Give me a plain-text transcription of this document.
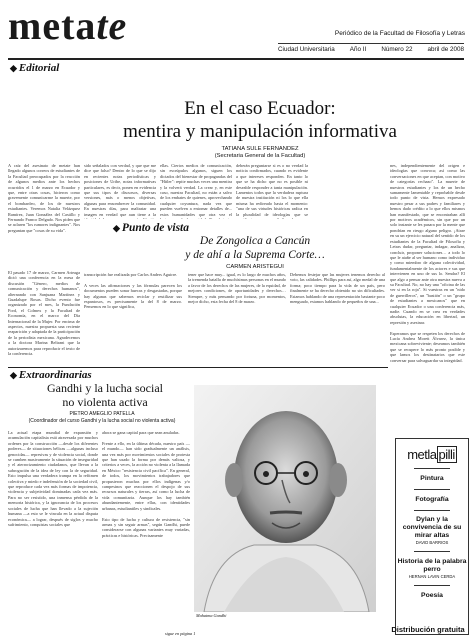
metate	Periódico de la Facultad de Filosofía y Letras
Ciudad Universitaria Año II Número 22 abril de 2008
◆ Editorial
En el caso Ecuador:
mentira y manipulación informativa
TATIANA SULE FERNANDEZ
(Secretaria General de la Facultad)

A raíz del asesinato de metate han llegado algunos correos de estudiantes de la Facultad preocupados por la reacción de algunos medios ante los hechos ocurridos el 1 de marzo en Ecuador y que, entre otras cosas, hicieron como gravemente comunicarme la muerte, por el bombardeo, de los de nuestros estudiantes. Veremos Natalia Velázquez Ramírez, Juan González del Castillo y Fernando Franco Delgado. Nos piden que se aclaren "los rumores indignantes". Nos preguntan que "cosas de su vida".

El pasado 17 de marzo, Carmen Arteaga dictó una conferencia en la mesa de discusión "Gènero, medios de comunicación y derechos humanos", alternando con Sanjuana Martínez y Guadalupe Rosas. Dicho evento fue organizado por el mes, la Fundación Ford, el Colmex y la Facultad de Economía, en el marco del Día Internacional de la Mujer. Por encima de aspectos, nuestra propuesta una reciente reaparición y adaptada de la participación de la periodista mexicana. Agradecemos a la doctora Marina Beltrani que la autorizaremos para reproducir el texto de la conferencia.

sido señalados con verdad, y que que me dice que falso? Dentro de lo que se dijo en recientes notas periodísticas y posiciones de Uribe, notas informativas particulares, es decir, ponen en evidencia que sus tipos de discursos, diversas versiones, más o menos objetivas, algunas para ensombrecer la comunidad. En nuestras días, para maltratar una imagen en verdad que aun tiene a la

ellas. Ciertos medios de comunicación, sin escrúpulos algunos, siguen los dictados del bienestar de propagandas del "Hitler": repite muchas veces una mentira y la volverá verdad. La crear y, en este caso, nuestra Facultad, no están a salvo de los embates de quienes, aprovechando cualquier coyuntura, nada vez que pueden vuelven a entornar detalles de... estos humanidades que otra vez el

deberán preguntarse si es o no verdad la noticia confirmados, cuando es evidente a que intereses responden. En tanto lo que se ha dicho que no es posible ni deseable responder a tanta manipulación. Lamentos todos que la verdadera ruptura de nuestra institución ni los lo que ella misma ha redireado hasta el momento: "una de sus virtudes históricas radica en la pluralidad de ideologías que se

nes, independientemente del origen e ideologías que convoca; así como las conversaciones en que aceptan, con motivo de categorías rechazo". La muerte de nuestros estudiantes y los de un hecho sumamente lamentable y reprobable desde todo punto de vista. Hemos expresado nuestro pesar a sus padres y familiares y hemos dado crédito a lo que ellos mismos han manifestado, que se encontraban allí por motivos académicos, sin que por un solo instante se les pasara por la mente que pondrían en riesgo alguno peligro. ¡Atrae en su un ejercicio natural del sentido de los estudiantes de la Facultad de Filosofía y Letras dudar, preguntar, indagar, analizar, concluir, proponer soluciones… a todo lo que le atañe al ser humano como individuo y como miembro de alguna colectividad, fundamentalmente de los actores e sus que intervienen en uno de sus lo. Sendas? El que algo a pensar ante otra nuestra nueva a su Facultad. No, no hay una "oficina de las ver si en la roja". Si vuestras en un "nido de guerrilleros", un "bastión" o un "grupo de estudiantes a mexicanos" que en cualquier Ecuador o una conferencia más, nadie. Cuando en se crea en verdades absolutas, la educación en libertad, un represión y asesinar.

Esperamos que se respeten los derechos de Lucía Andrea Morett Álvarez, la única mexicana sobreviviente; deseamos también que se recupere lo más pronto posible y que lamos los destinatarios que este conversar para salvaguardar su integridad.

◆ Punto de vista
De Zongolica a Cancún
y de ahí a la Suprema Corte…
CARMEN ARISTEGUI

transcripción fue realizada por Carlos Anders Aguirre.

A veces las afirmaciones y las fórmulas parecen los documentos pueden sonar huecas y desgastadas, porque hay algunas que sabemos reciclar y reutilizar sus espantosos, es precisamente la del 8 de marzo. Pensemos en lo que significa,

tener que hace muy... igual, es lo largo de muchos años, la tremenda batalla de muchísimas personas en el mundo a favor de los derechos de las mujeres, de la equidad, de mejores condiciones, de oportunidades y derechos… Siempre, y más pensando por fortuna, por momentos, mejor dicho, esta fecha del 8 de marzo.

Debemos festejar que las mujeres tenemos derecho al voto, las calidades. Phillips para así, algo medal de una forma; poco tiempo para la vida de un país, pero finalmente se ha derecho obtenido no sin dificultades. Estamos hablando de una representación bastante poco menguado, estamos hablando de pequeños de una...

◆ Extraordinarias
Gandhi y la lucha social
no violenta activa
PIETRO AMEGLIO PATELLA
(Coordinador del curso Gandhi y la lucha social no violenta activa)

La actual etapa mundial de expansión y acumulación capitalista está atravesada por muchos ordenes por la construcción —desde los diferentes poderes— de situaciones bélicas —algunas incluso genocidas— represivas y de violencia social, donde se cumben masivamente la situación de inseguridad y el aterrorizamiento ciudadanos, que llevan a la subrogación de la idea de ley con la de seguridad. Esto impulsa una verdadera trampa en la refitmen colectiva y miedo e indefensión de la sociedad civil, que reproduce cada vez más formas de impotencia, violencia y subjetividad dominadas cada vez más. Para no ser resistido, una inmensa pérdida de la memoria histórica, y la ignorancia de los procesos sociales de lucha que han llevado a la sujeción humana —a esto se le vincula en la actual disputa económica— a lograr, después de siglos y mucho sufrimiento, conquistas sociales que

ahora se gana capital para que sean anuladas.

Frente a ello, en la última década, nuestro país —el mundo— han sido gradualmente un análisis, una vez más por movimientos sociales de protesta que han usado la forma por demás valiosa, y criterios a veces, la acción no violenta a la llamada en México "resistencia civil pacífica". En general, de todos, los movimientos trabajadores que propusieron muchas por ellos indígenas y/o campesinos que reaccionen el despojo de sus recursos naturales y tierras, así como la lucha de vida comunitaria. Aunque los hay también abundantemente, entre ellas, con identidades urbanas, estudiantiles y sindicales.

Esto tipo de lucha y cultura de resistencia, "sin armas y sin seguir armas", según Gandhi, puede considerarse con algunas variantes muy variadas, prácticas e históricas. Precisamente

sigue en página 1
Mahatma Gandhi
metla pilli
Pintura
Fotografía
Dylan y la convivencia de su mirar altas
DAVID BARRIOS
Historia de la palabra perro
HERNAN LAVIN CERDA
Poesía
Distribución gratuita
